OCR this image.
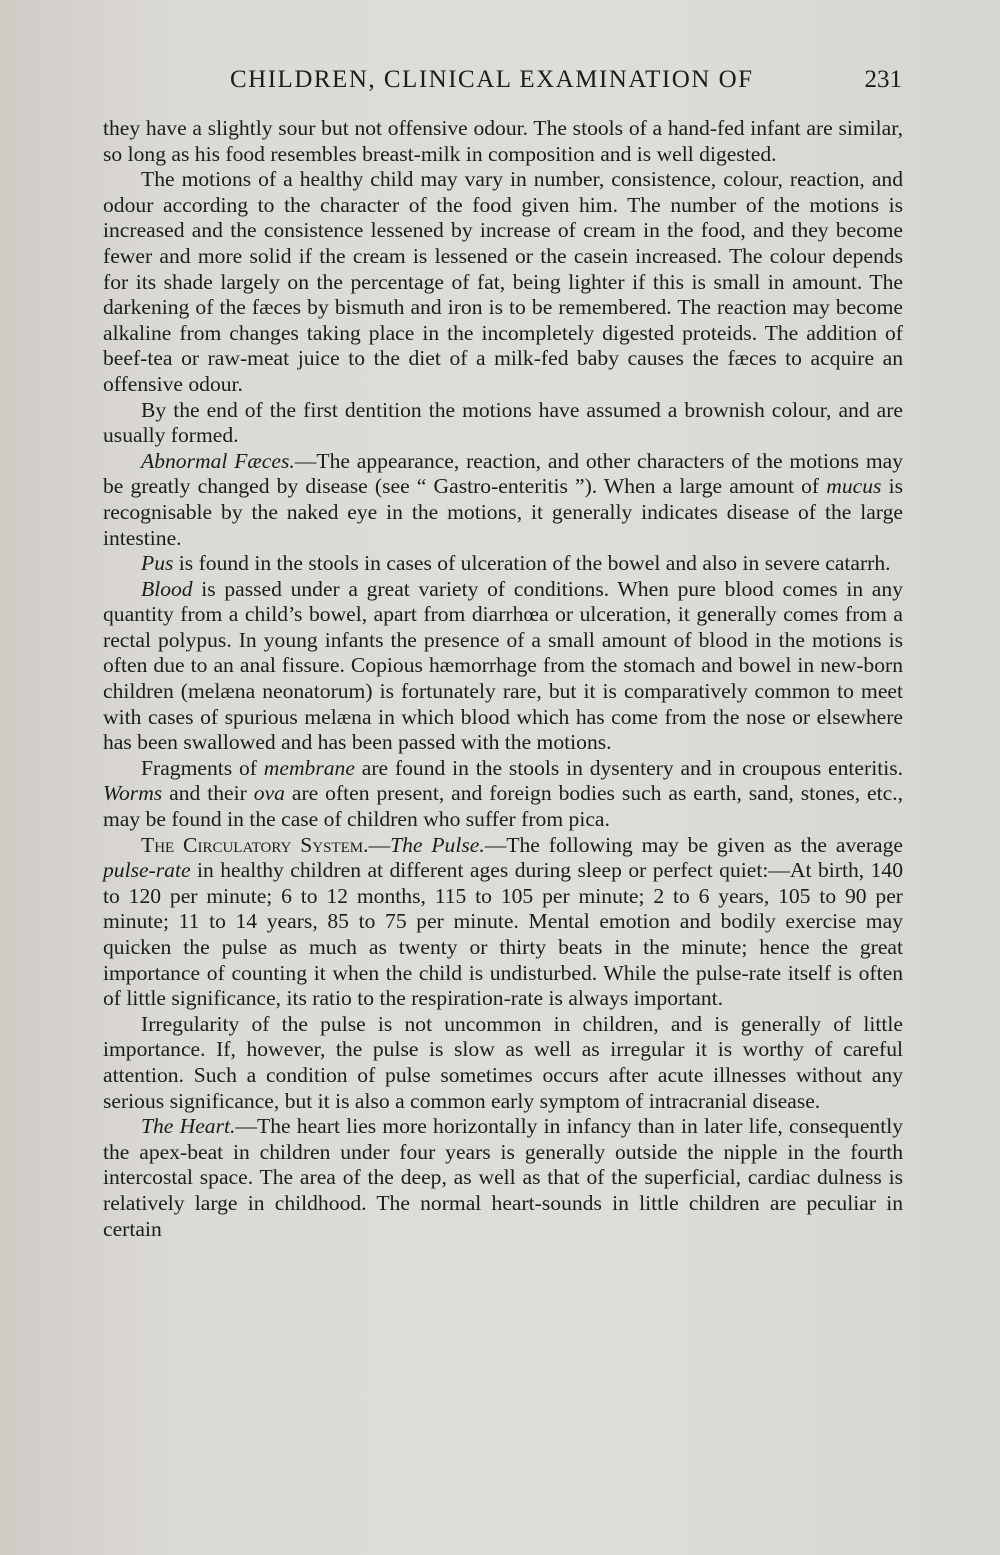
CHILDREN, CLINICAL EXAMINATION OF	231

they have a slightly sour but not offensive odour. The stools of a hand-fed infant are similar, so long as his food resembles breast-milk in composition and is well digested.

The motions of a healthy child may vary in number, consistence, colour, reaction, and odour according to the character of the food given him. The number of the motions is increased and the consistence lessened by increase of cream in the food, and they become fewer and more solid if the cream is lessened or the casein increased. The colour depends for its shade largely on the percentage of fat, being lighter if this is small in amount. The darkening of the fæces by bismuth and iron is to be remembered. The reaction may become alkaline from changes taking place in the incompletely digested proteids. The addition of beef-tea or raw-meat juice to the diet of a milk-fed baby causes the fæces to acquire an offensive odour.

By the end of the first dentition the motions have assumed a brownish colour, and are usually formed.

Abnormal Fæces.—The appearance, reaction, and other characters of the motions may be greatly changed by disease (see “ Gastro-enteritis ”). When a large amount of mucus is recognisable by the naked eye in the motions, it generally indicates disease of the large intestine.

Pus is found in the stools in cases of ulceration of the bowel and also in severe catarrh.

Blood is passed under a great variety of conditions. When pure blood comes in any quantity from a child’s bowel, apart from diarrhœa or ulceration, it generally comes from a rectal polypus. In young infants the presence of a small amount of blood in the motions is often due to an anal fissure. Copious hæmorrhage from the stomach and bowel in new-born children (melæna neonatorum) is fortunately rare, but it is comparatively common to meet with cases of spurious melæna in which blood which has come from the nose or elsewhere has been swallowed and has been passed with the motions.

Fragments of membrane are found in the stools in dysentery and in croupous enteritis. Worms and their ova are often present, and foreign bodies such as earth, sand, stones, etc., may be found in the case of children who suffer from pica.

The Circulatory System.—The Pulse.—The following may be given as the average pulse-rate in healthy children at different ages during sleep or perfect quiet:—At birth, 140 to 120 per minute; 6 to 12 months, 115 to 105 per minute; 2 to 6 years, 105 to 90 per minute; 11 to 14 years, 85 to 75 per minute. Mental emotion and bodily exercise may quicken the pulse as much as twenty or thirty beats in the minute; hence the great importance of counting it when the child is undisturbed. While the pulse-rate itself is often of little significance, its ratio to the respiration-rate is always important.

Irregularity of the pulse is not uncommon in children, and is generally of little importance. If, however, the pulse is slow as well as irregular it is worthy of careful attention. Such a condition of pulse sometimes occurs after acute illnesses without any serious significance, but it is also a common early symptom of intracranial disease.

The Heart.—The heart lies more horizontally in infancy than in later life, consequently the apex-beat in children under four years is generally outside the nipple in the fourth intercostal space. The area of the deep, as well as that of the superficial, cardiac dulness is relatively large in childhood. The normal heart-sounds in little children are peculiar in certain
